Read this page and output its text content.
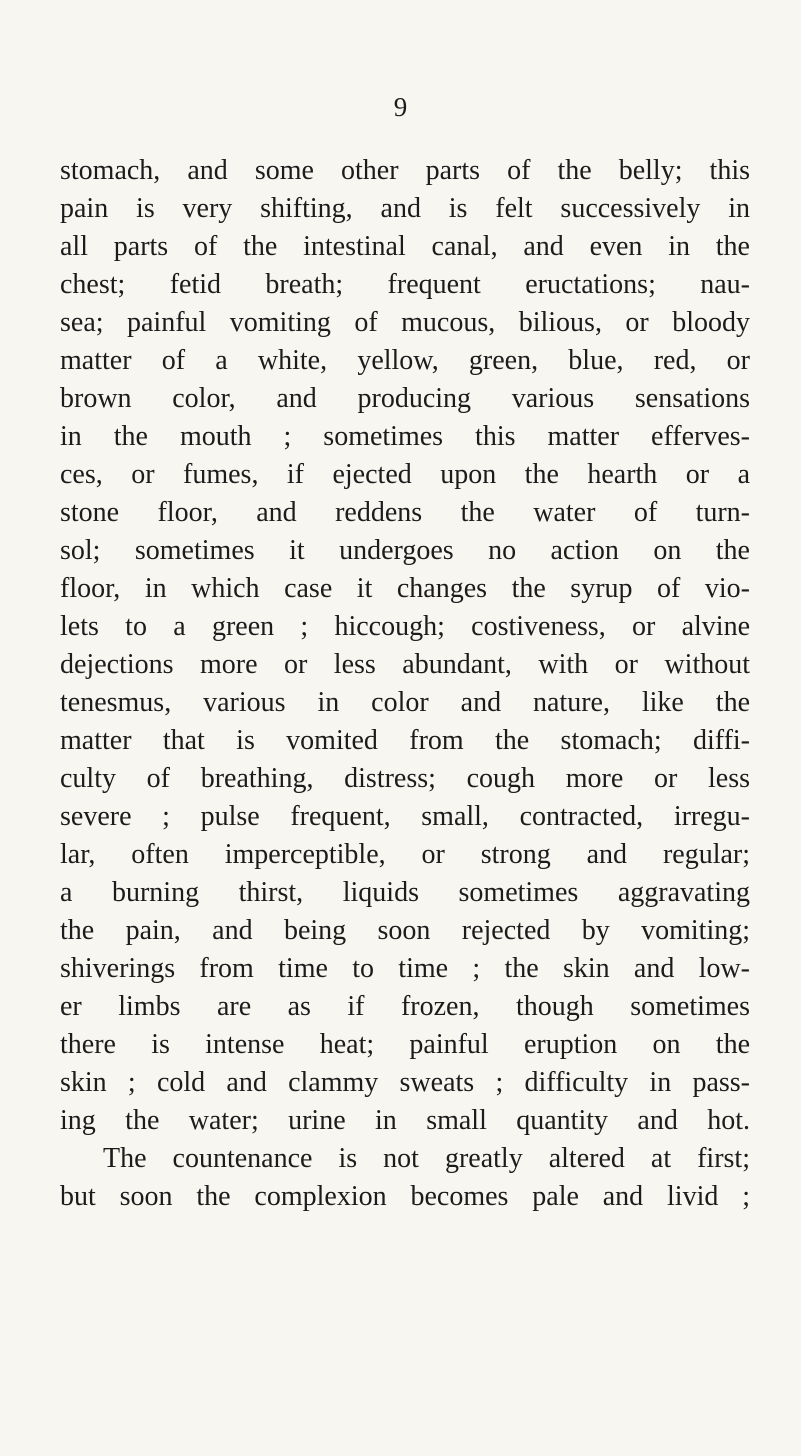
9
stomach, and some other parts of the belly; this
pain is very shifting, and is felt successively in
all parts of the intestinal canal, and even in the
chest; fetid breath; frequent eructations; nau-
sea; painful vomiting of mucous, bilious, or bloody
matter of a white, yellow, green, blue, red, or
brown color, and producing various sensations
in the mouth ; sometimes this matter efferves-
ces, or fumes, if ejected upon the hearth or a
stone floor, and reddens the water of turn-
sol; sometimes it undergoes no action on the
floor, in which case it changes the syrup of vio-
lets to a green ; hiccough; costiveness, or alvine
dejections more or less abundant, with or without
tenesmus, various in color and nature, like the
matter that is vomited from the stomach; diffi-
culty of breathing, distress; cough more or less
severe ; pulse frequent, small, contracted, irregu-
lar, often imperceptible, or strong and regular;
a burning thirst, liquids sometimes aggravating
the pain, and being soon rejected by vomiting;
shiverings from time to time ; the skin and low-
er limbs are as if frozen, though sometimes
there is intense heat; painful eruption on the
skin ; cold and clammy sweats ; difficulty in pass-
ing the water; urine in small quantity and hot.
The countenance is not greatly altered at first;
but soon the complexion becomes pale and livid ;
